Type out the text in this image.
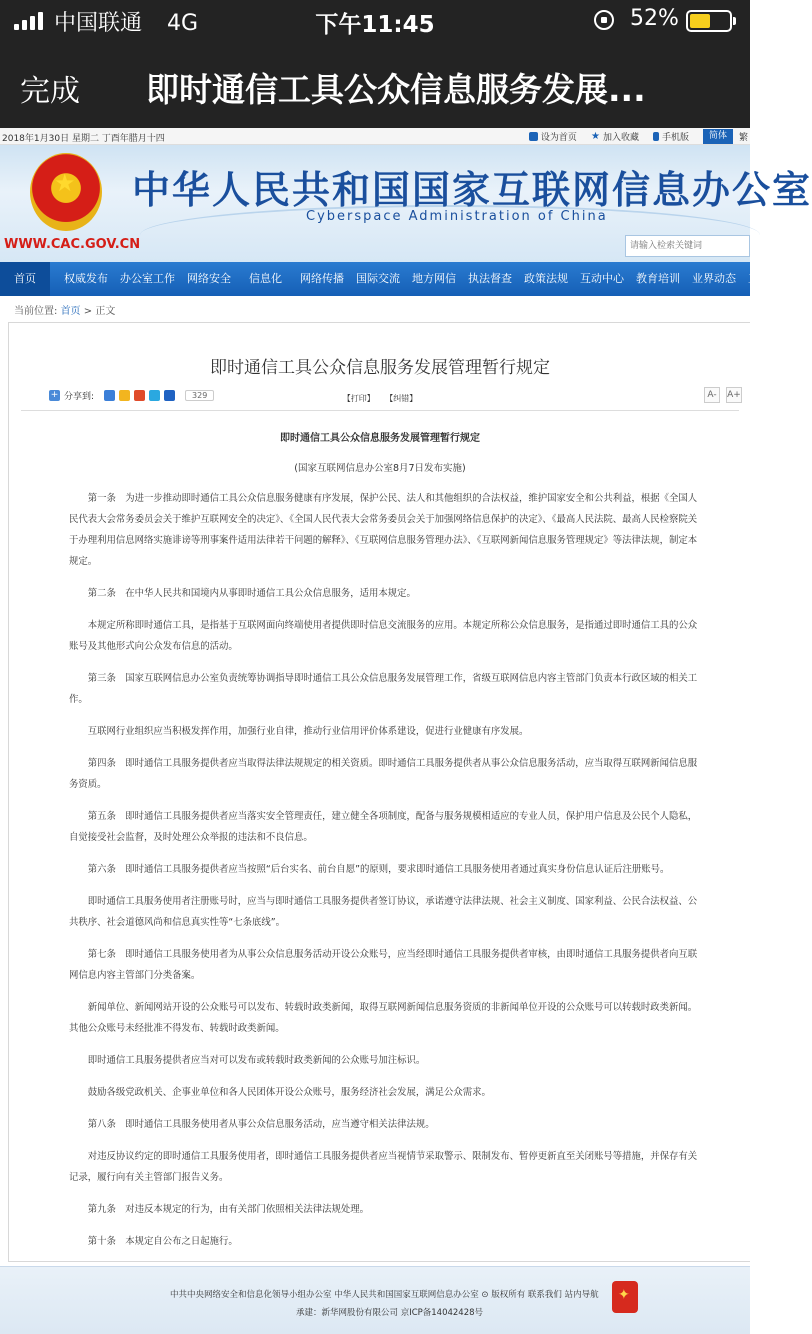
中国联通 4G	下午11:45	52%
完成 即时通信工具公众信息服务发展...
2018年1月30日 星期二 丁酉年腊月十四	设为首页 ★ 加入收藏	手机版	简体	繁
★
中华人民共和国国家互联网信息办公室
Cyberspace Administration of China
WWW.CAC.GOV.CN
请输入检索关键词
首页	权威发布	办公室工作	网络安全	信息化	网络传播	国际交流	地方网信	执法督查	政策法规	互动中心	教育培训	业界动态	工作专题
当前位置: 首页 > 正文
即时通信工具公众信息服务发展管理暂行规定
+ 分享到:	329	【打印】 【纠错】	A-	A+
即时通信工具公众信息服务发展管理暂行规定
(国家互联网信息办公室8月7日发布实施)

第一条　为进一步推动即时通信工具公众信息服务健康有序发展，保护公民、法人和其他组织的合法权益，维护国家安全和公共利益，根据《全国人民代表大会常务委员会关于维护互联网安全的决定》、《全国人民代表大会常务委员会关于加强网络信息保护的决定》、《最高人民法院、最高人民检察院关于办理利用信息网络实施诽谤等刑事案件适用法律若干问题的解释》、《互联网信息服务管理办法》、《互联网新闻信息服务管理规定》等法律法规，制定本规定。

第二条　在中华人民共和国境内从事即时通信工具公众信息服务，适用本规定。

本规定所称即时通信工具，是指基于互联网面向终端使用者提供即时信息交流服务的应用。本规定所称公众信息服务，是指通过即时通信工具的公众账号及其他形式向公众发布信息的活动。

第三条　国家互联网信息办公室负责统筹协调指导即时通信工具公众信息服务发展管理工作，省级互联网信息内容主管部门负责本行政区域的相关工作。

互联网行业组织应当积极发挥作用，加强行业自律，推动行业信用评价体系建设，促进行业健康有序发展。

第四条　即时通信工具服务提供者应当取得法律法规规定的相关资质。即时通信工具服务提供者从事公众信息服务活动，应当取得互联网新闻信息服务资质。

第五条　即时通信工具服务提供者应当落实安全管理责任，建立健全各项制度，配备与服务规模相适应的专业人员，保护用户信息及公民个人隐私，自觉接受社会监督，及时处理公众举报的违法和不良信息。

第六条　即时通信工具服务提供者应当按照“后台实名、前台自愿”的原则，要求即时通信工具服务使用者通过真实身份信息认证后注册账号。

即时通信工具服务使用者注册账号时，应当与即时通信工具服务提供者签订协议，承诺遵守法律法规、社会主义制度、国家利益、公民合法权益、公共秩序、社会道德风尚和信息真实性等“七条底线”。

第七条　即时通信工具服务使用者为从事公众信息服务活动开设公众账号，应当经即时通信工具服务提供者审核，由即时通信工具服务提供者向互联网信息内容主管部门分类备案。

新闻单位、新闻网站开设的公众账号可以发布、转载时政类新闻，取得互联网新闻信息服务资质的非新闻单位开设的公众账号可以转载时政类新闻。其他公众账号未经批准不得发布、转载时政类新闻。

即时通信工具服务提供者应当对可以发布或转载时政类新闻的公众账号加注标识。

鼓励各级党政机关、企事业单位和各人民团体开设公众账号，服务经济社会发展，满足公众需求。

第八条　即时通信工具服务使用者从事公众信息服务活动，应当遵守相关法律法规。

对违反协议约定的即时通信工具服务使用者，即时通信工具服务提供者应当视情节采取警示、限制发布、暂停更新直至关闭账号等措施，并保存有关记录，履行向有关主管部门报告义务。

第九条　对违反本规定的行为，由有关部门依照相关法律法规处理。

第十条　本规定自公布之日起施行。

中共中央网络安全和信息化领导小组办公室 中华人民共和国国家互联网信息办公室 ⊙ 版权所有 联系我们 站内导航
承建：新华网股份有限公司 京ICP备14042428号
✦
